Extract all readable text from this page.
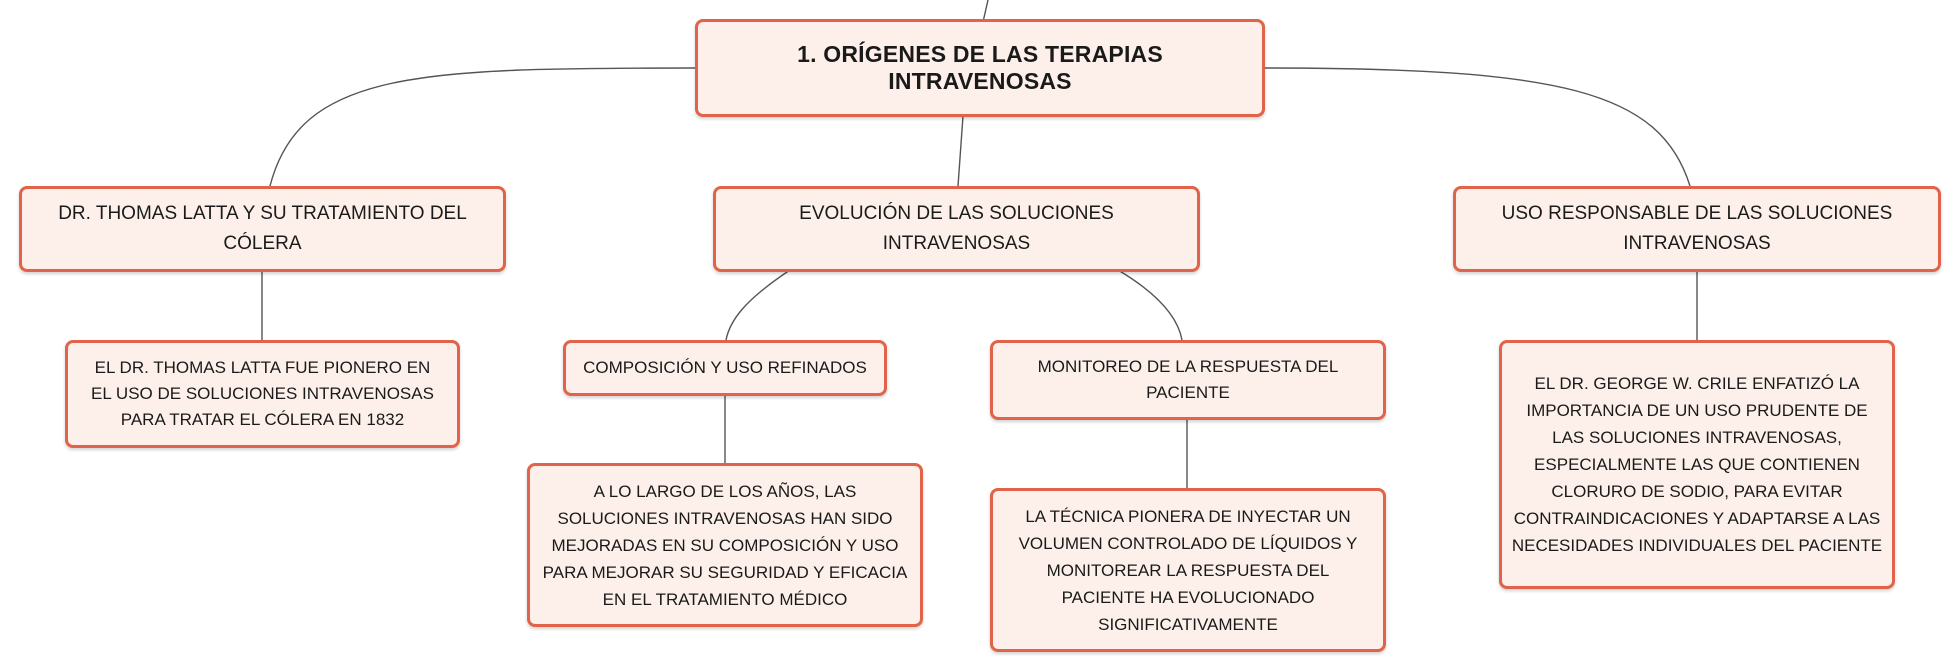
1. ORÍGENES DE LAS TERAPIAS INTRAVENOSAS
DR. THOMAS LATTA Y SU TRATAMIENTO DEL CÓLERA
EVOLUCIÓN DE LAS SOLUCIONES INTRAVENOSAS
USO RESPONSABLE DE LAS SOLUCIONES INTRAVENOSAS
EL DR. THOMAS LATTA FUE PIONERO EN EL USO DE SOLUCIONES INTRAVENOSAS PARA TRATAR EL CÓLERA EN 1832
COMPOSICIÓN Y USO REFINADOS	MONITOREO DE LA RESPUESTA DEL PACIENTE
A LO LARGO DE LOS AÑOS, LAS SOLUCIONES INTRAVENOSAS HAN SIDO MEJORADAS EN SU COMPOSICIÓN Y USO PARA MEJORAR SU SEGURIDAD Y EFICACIA EN EL TRATAMIENTO MÉDICO
LA TÉCNICA PIONERA DE INYECTAR UN VOLUMEN CONTROLADO DE LÍQUIDOS Y MONITOREAR LA RESPUESTA DEL PACIENTE HA EVOLUCIONADO SIGNIFICATIVAMENTE
EL DR. GEORGE W. CRILE ENFATIZÓ LA IMPORTANCIA DE UN USO PRUDENTE DE LAS SOLUCIONES INTRAVENOSAS, ESPECIALMENTE LAS QUE CONTIENEN CLORURO DE SODIO, PARA EVITAR CONTRAINDICACIONES Y ADAPTARSE A LAS NECESIDADES INDIVIDUALES DEL PACIENTE
